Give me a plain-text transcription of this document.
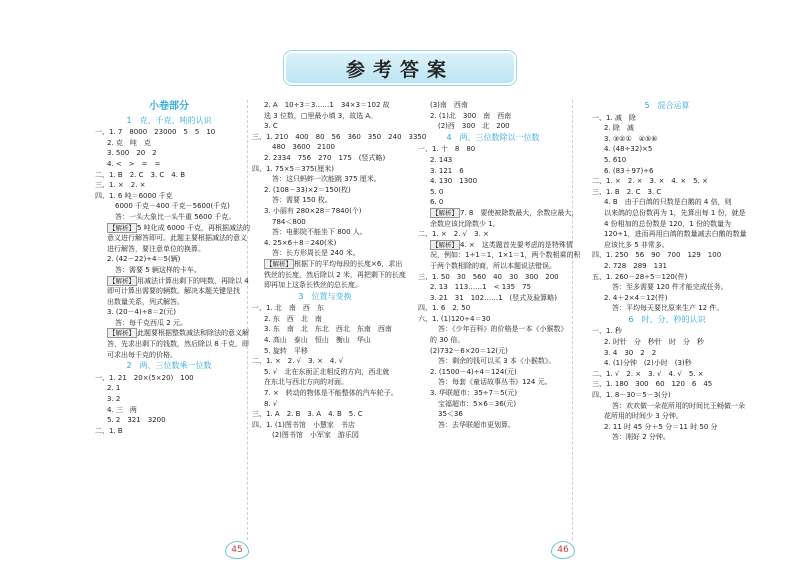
参考答案
小卷部分
1　克、千克、吨的认识
一、1. 7　8000　23000　5　5　10
2. 克　吨　克
3. 500　20　2
4. <　>　=　=
二、1. B　2. C　3. C　4. B
三、1. ×　2. ×
四、1. 6 吨＝6000 千克
6000 千克－400 千克－5600(千克)
答：一头大象比一头牛重 5600 千克。
【解析】 5 吨化成 6000 千克，再根据减法的
意义进行解答即可。此题主要根据减法的意义
进行解答，要注意单位的换算。
2. (42－22)÷4＝5(辆)
答：需要 5 辆这样的卡车。
【解析】 用减法计算出剩下的吨数，再除以 4
即可计算出需要的辆数。解决本题关键是找
出数量关系，列式解答。
3. (20－4)÷8＝2(元)
答：每千克西瓜 2 元。
【解析】 此题要根据整数减法和除法的意义解
答，先求出剩下的钱数，然后除以 8 千克，即
可求出每千克的价格。
2　两、三位数乘一位数
一、1. 21　20×(5×20)　100
2. 1
3. 2
4. 三　两
5. 2　321　3200
二、1. B
2. A　10÷3＝3……1　34×3＝102 故
选 3 位数，□里最小填 3，故选 A。
3. C
三、1. 210　400　80　56　360　350　240　3350
480　3600　2100
2. 2334　756　270　175　(竖式略)
四、1. 75×5＝375(厘米)
答：这只蚂蚱一次能跳 375 厘米。
2. (108－33)×2＝150(枚)
答：需要 150 枚。
3. 小丽有 280×28＝7840(个)
784＜800
答：电影院不能坐下 800 人。
4. 25×6＋8＝240(米)
答：长方形周长是 240 米。
【解析】 根据下的平均每段的长度×6，求出
铁丝的长度，然后除以 2 米，再把剩下的长度
即再加上这条长铁丝的总长度。
3　位置与变换
一、1. 北　南　西　东
2. 东　西　北　南
3. 东　南　北　东北　西北　东南　西南
4. 高山　泰山　恒山　衡山　华山
5. 旋转　平移
二、1. ×　2. √　3. ×　4. √
5. √　北在东面正北相反的方向，西北就
在东北与西北方向的对面。
7. ×　转动的物体是不能整体的汽车轮子。
8. √
三、1. A　2. B　3. A　4. B　5. C
四、1. (1)图书馆　小慧家　书店
(2)图书馆　小军家　游乐园
(3)南　西南
2. (1)北　300　南　西南
(2)西　300　北　200
4　两、三位数除以一位数
一、1. 十　8　80
2. 143
3. 121　6
4. 130　1300
5. 0
6. 0
【解析】 7. 8　要使被除数最大，余数应最大，
余数应该比除数少 1。
二、1. ×　2. √　3. ×
【解析】 4. ×　这类题首先要考虑的是特殊情
况，例如：1÷1＝1，1×1＝1，两个数相乘的积
于两个数相除的商，所以本题说法错误。
三、1. 50　30　560　40　30　300　200
2. 13　113……1　< 135　75
3. 21　31　102……1　(竖式及验算略)
四、1. 6　2. 50
六、1. (1)120÷4＝30
答：《少年百科》的价格是一本《小猴数》
的 30 倍。
(2)732－6×20＝12(元)
答：剩余的钱可以买 3 本《小猴数》。
2. (1500－4)÷4＝124(元)
答：每套《童话故事丛书》124 元。
3. 华联超市：35÷7＝5(元)
宝福超市：5×6＝36(元)
35＜36
答：去华联超市更划算。
5　混合运算
一、1. 减　除
2. 除　减
3. ③②①　④⑤⑥
4. (48÷32)×5
5. 610
6. (83＋97)÷6
二、1. ×　2. ×　3. ×　4. ×　5. ×
三、1. B　2. C　3. C
4. B　由于白鸽的只数是白鹅的 4 倍，则
以来鸽的总份数再为 1，先算出每 1 份，就是
4 份相加的总份数是 120，1 份的数量为
120÷1，进而再用白鸽的数量减去白鹅的数量
应该比多 5 非常多。
四、1. 250　56　90　700　129　100
2. 728　289　131
五、1. 260－28÷5＝120(件)
答：至多需要 120 件才能完成任务。
2. 4＋2×4＝12(件)
答：平均每天要比原来生产 12 件。
6　时、分、秒的认识
一、1. 秒
2. 时针　分　秒针　时　分　秒
3. 4　30　2　2
4. (1)分钟　(2)小时　(3)秒
二、1. √　2. ×　3. √　4. √　5. ×
三、1. 180　300　60　120　6　45
四、1. 8－30＝5－3(分)
答：欢欢做一朵花所用的时间比王畅做一朵
花所用的时间少 3 分钟。
2. 11 时 45 分＋5 分＝11 时 50 分
答：刚好 2 分钟。
45	46
